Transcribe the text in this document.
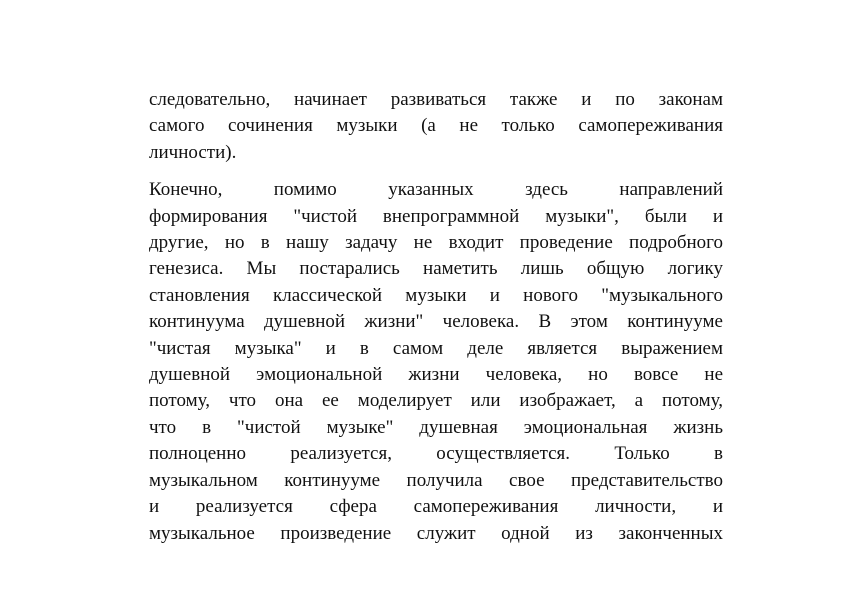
следовательно, начинает развиваться также и по законам
самого сочинения музыки (а не только самопереживания
личности).

Конечно, помимо указанных здесь направлений
формирования "чистой внепрограммной музыки", были и
другие, но в нашу задачу не входит проведение подробного
генезиса. Мы постарались наметить лишь общую логику
становления классической музыки и нового "музыкального
континуума душевной жизни" человека. В этом континууме
"чистая музыка" и в самом деле является выражением
душевной эмоциональной жизни человека, но вовсе не
потому, что она ее моделирует или изображает, а потому,
что в "чистой музыке" душевная эмоциональная жизнь
полноценно реализуется, осуществляется. Только в
музыкальном континууме получила свое представительство
и реализуется сфера самопереживания личности, и
музыкальное произведение служит одной из законченных
